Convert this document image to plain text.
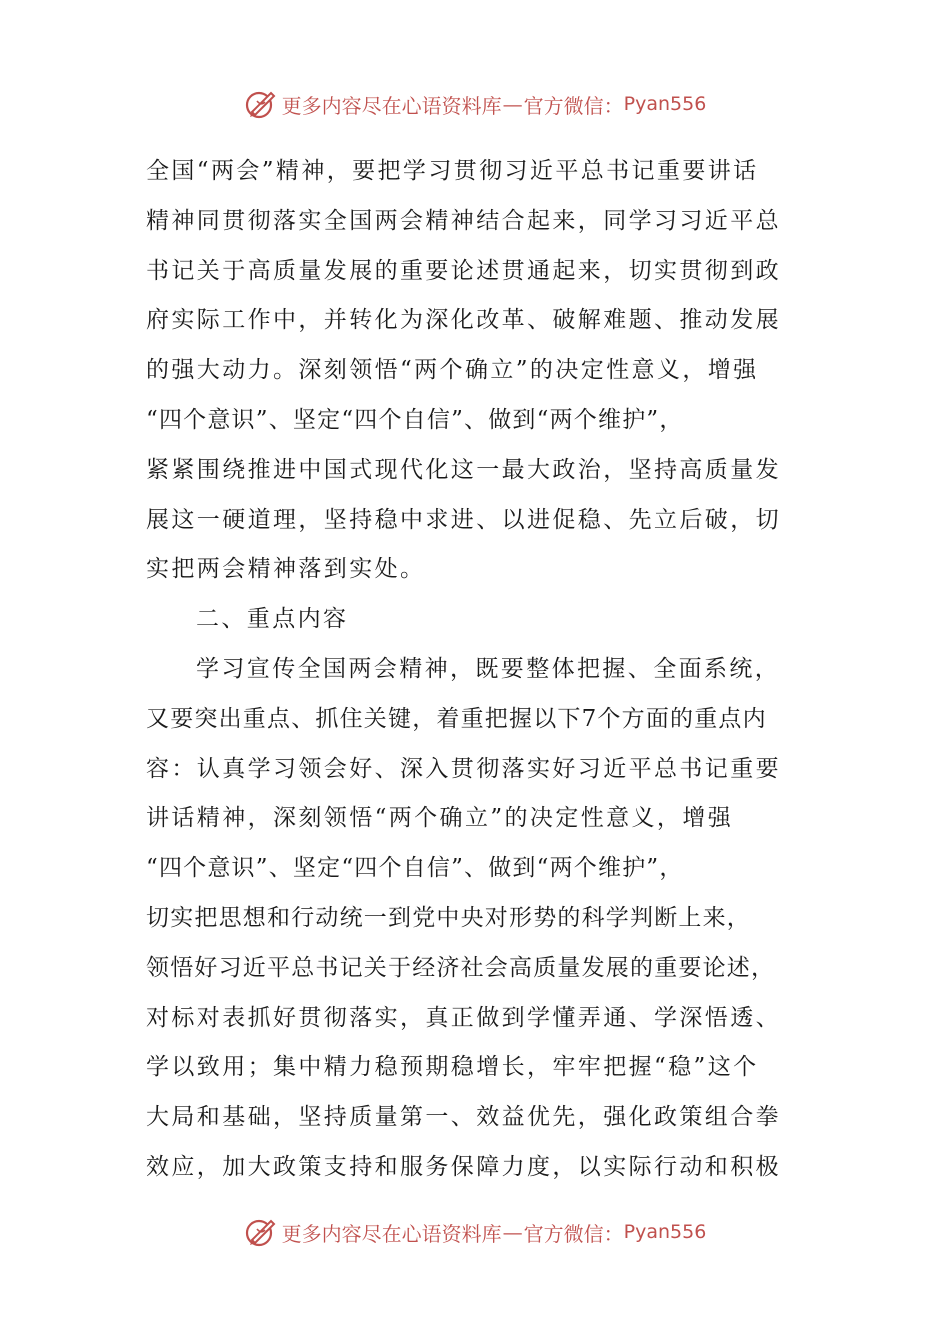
更多内容尽在心语资料库 — 官方微信： Pyan556
全国“两会”精神，要把学习贯彻习近平总书记重要讲话
精神同贯彻落实全国两会精神结合起来，同学习习近平总
书记关于高质量发展的重要论述贯通起来，切实贯彻到政
府实际工作中，并转化为深化改革、破解难题、推动发展
的强大动力。深刻领悟“两个确立”的决定性意义，增强
“四个意识”、坚定“四个自信”、做到“两个维护”，
紧紧围绕推进中国式现代化这一最大政治，坚持高质量发
展这一硬道理，坚持稳中求进、以进促稳、先立后破，切
实把两会精神落到实处。
二、重点内容
学习宣传全国两会精神，既要整体把握、全面系统，
又要突出重点、抓住关键，着重把握以下7个方面的重点内
容：认真学习领会好、深入贯彻落实好习近平总书记重要
讲话精神，深刻领悟“两个确立”的决定性意义，增强
“四个意识”、坚定“四个自信”、做到“两个维护”，
切实把思想和行动统一到党中央对形势的科学判断上来，
领悟好习近平总书记关于经济社会高质量发展的重要论述，
对标对表抓好贯彻落实，真正做到学懂弄通、学深悟透、
学以致用；集中精力稳预期稳增长，牢牢把握“稳”这个
大局和基础，坚持质量第一、效益优先，强化政策组合拳
效应，加大政策支持和服务保障力度，以实际行动和积极
更多内容尽在心语资料库 — 官方微信： Pyan556
